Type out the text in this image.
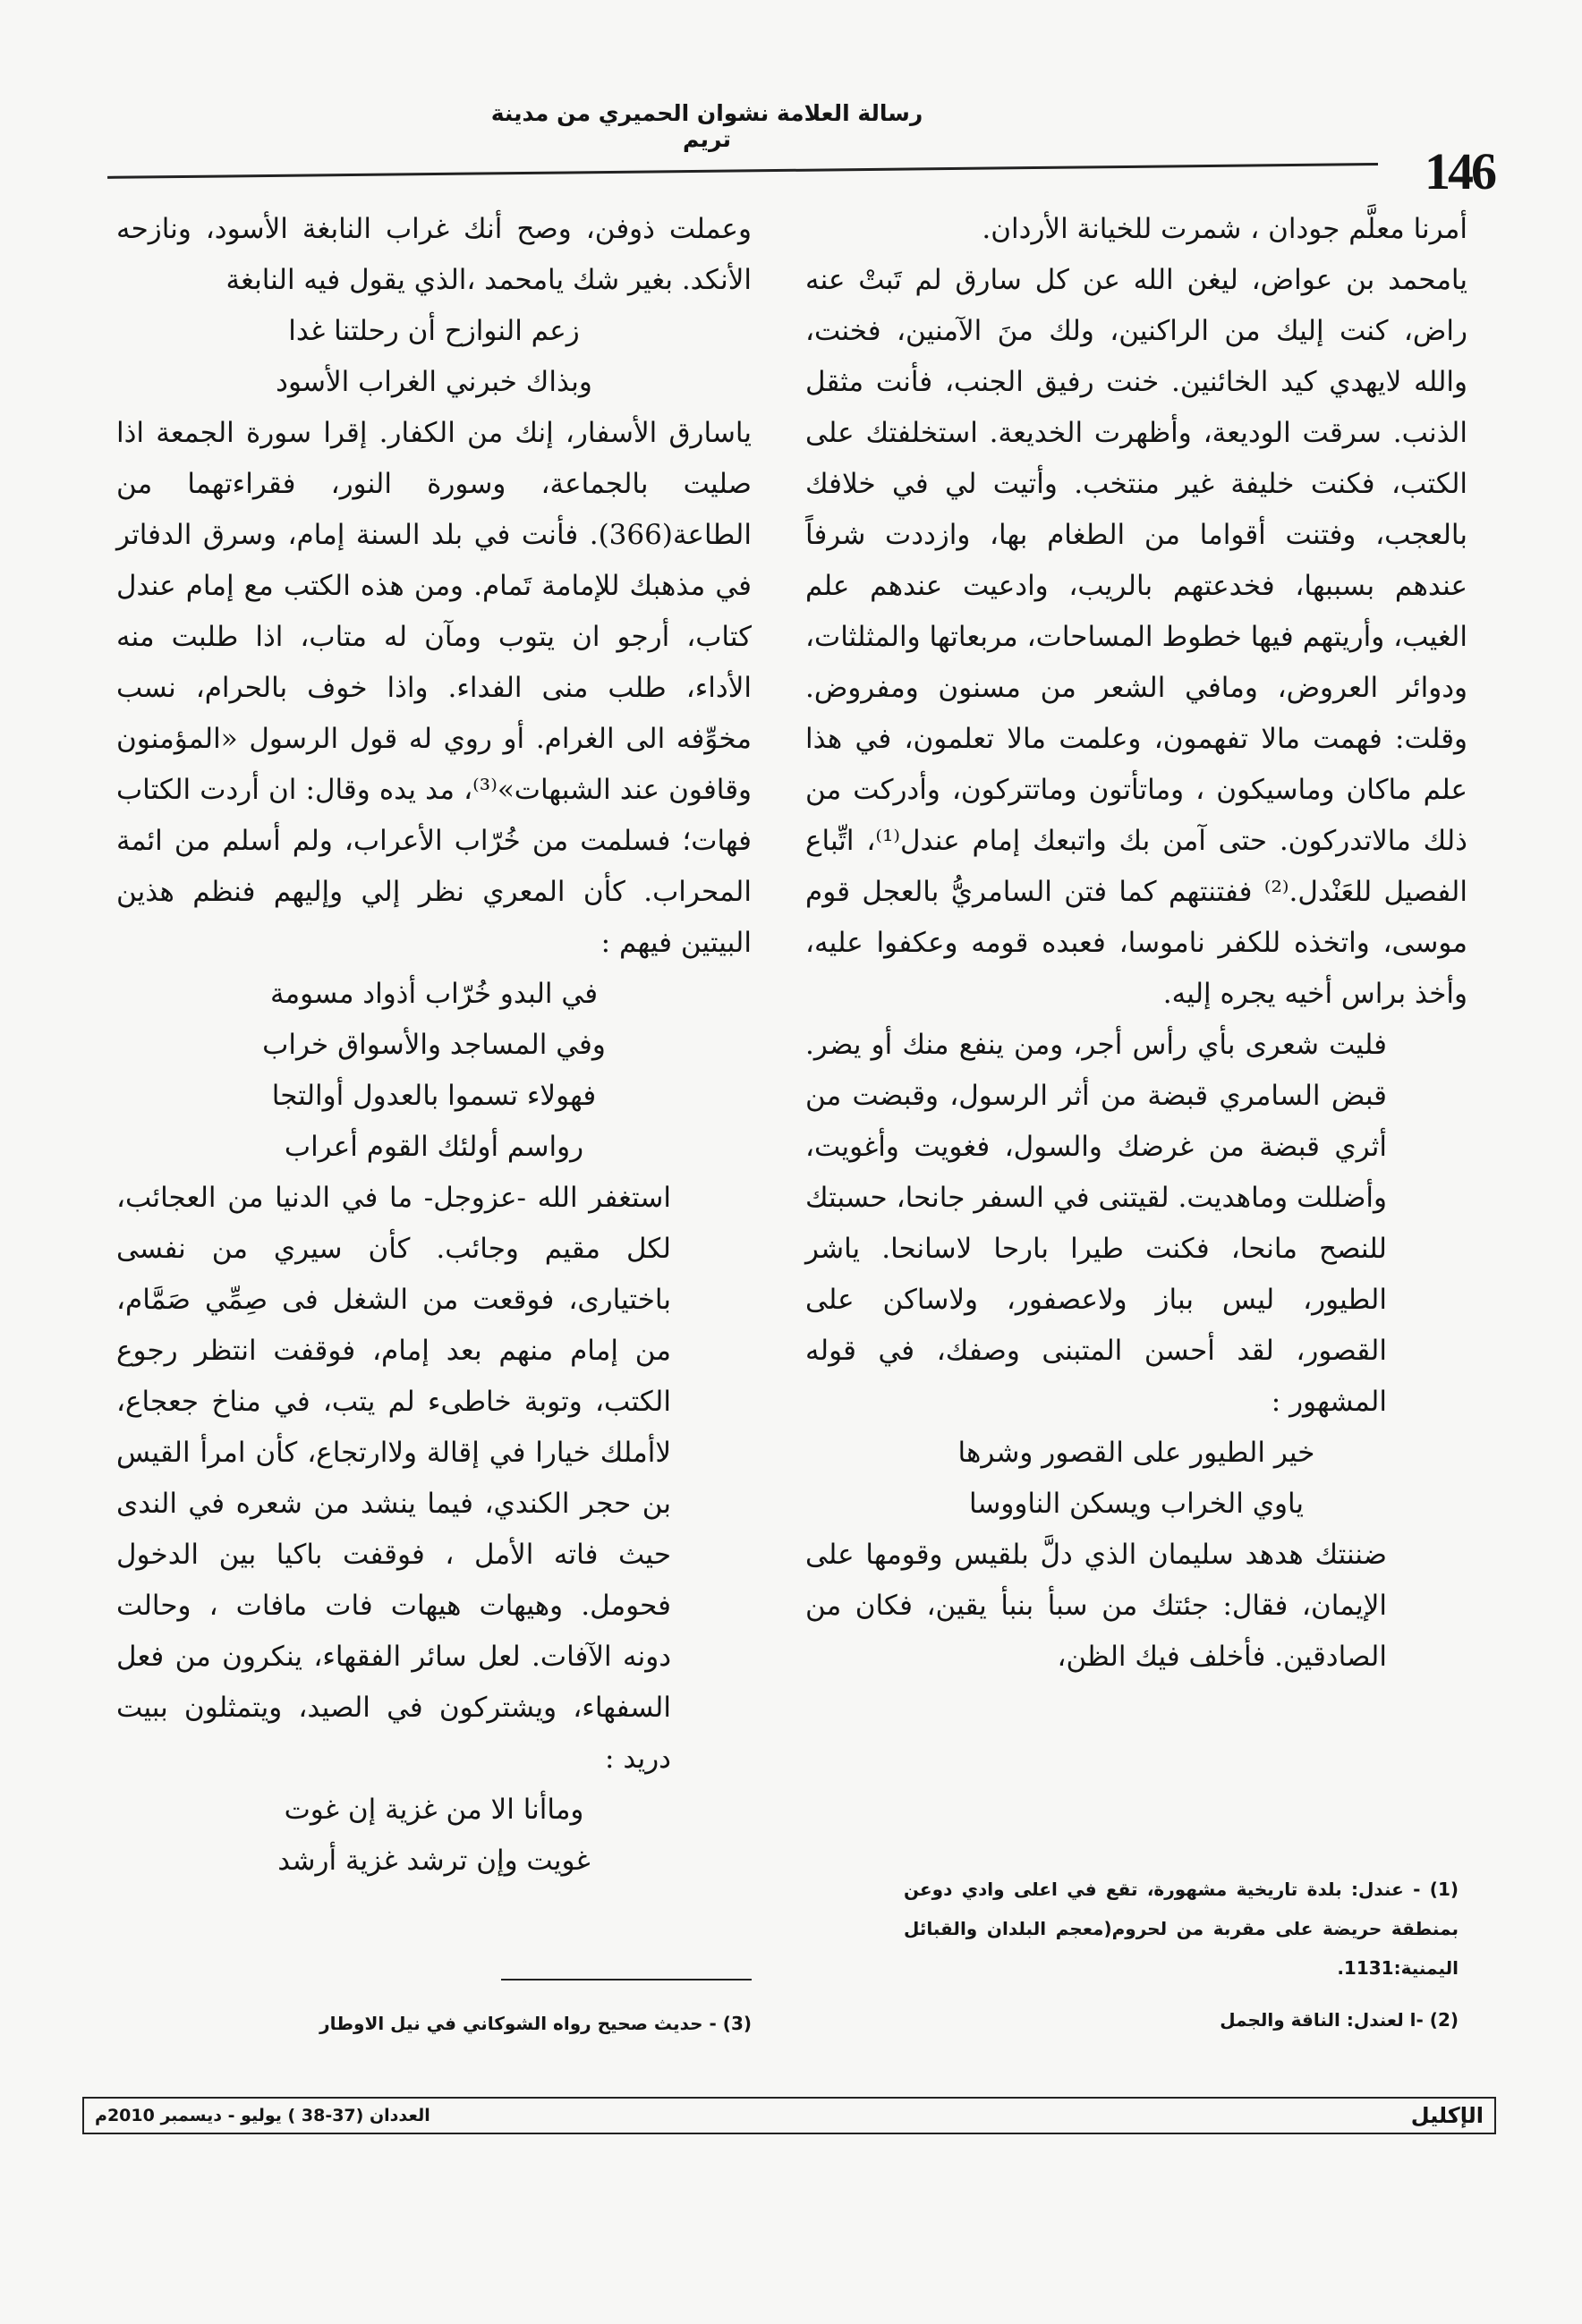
رسالة العلامة نشوان الحميري من مدينة تريم
146

أمرنا معلَّم جودان ، شمرت للخيانة الأردان.

يامحمد بن عواض، ليغن الله عن كل سارق لم تَبتْ عنه راض، كنت إليك من الراكنين، ولك منَ الآمنين، فخنت، والله لايهدي كيد الخائنين. خنت رفيق الجنب، فأنت مثقل الذنب. سرقت الوديعة، وأظهرت الخديعة. استخلفتك على الكتب، فكنت خليفة غير منتخب. وأتيت لي في خلافك بالعجب، وفتنت أقواما من الطغام بها، وازددت شرفاً عندهم بسببها، فخدعتهم بالريب، وادعيت عندهم علم الغيب، وأريتهم فيها خطوط المساحات، مربعاتها والمثلثات، ودوائر العروض، ومافي الشعر من مسنون ومفروض. وقلت: فهمت مالا تفهمون، وعلمت مالا تعلمون، في هذا علم ماكان وماسيكون ، وماتأتون وماتتركون، وأدركت من ذلك مالاتدركون. حتى آمن بك واتبعك إمام عندل⁽¹⁾، اتِّباع الفصيل للعَنْدل.⁽²⁾ ففتنتهم كما فتن السامريُّ بالعجل قوم موسى، واتخذه للكفر ناموسا، فعبده قومه وعكفوا عليه، وأخذ براس أخيه يجره إليه.

فليت شعرى بأي رأس أجر، ومن ينفع منك أو يضر. قبض السامري قبضة من أثر الرسول، وقبضت من أثري قبضة من غرضك والسول، فغويت وأغويت، وأضللت وماهديت. لقيتنى في السفر جانحا، حسبتك للنصح مانحا، فكنت طيرا بارحا لاسانحا. ياشر الطيور، ليس بباز ولاعصفور، ولاساكن على القصور، لقد أحسن المتبنى وصفك، في قوله المشهور :

خير الطيور على القصور وشرها

ياوي الخراب ويسكن الناووسا

ضننتك هدهد سليمان الذي دلَّ بلقيس وقومها على الإيمان، فقال: جئتك من سبأ بنبأ يقين، فكان من الصادقين. فأخلف فيك الظن،

وعملت ذوفن، وصح أنك غراب النابغة الأسود، ونازحه الأنكد. بغير شك يامحمد ،الذي يقول فيه النابغة

زعم النوازح أن رحلتنا غدا

وبذاك خبرني الغراب الأسود

ياسارق الأسفار، إنك من الكفار. إقرا سورة الجمعة اذا صليت بالجماعة، وسورة النور، فقراءتهما من الطاعة(366). فأنت في بلد السنة إمام، وسرق الدفاتر في مذهبك للإمامة تَمام. ومن هذه الكتب مع إمام عندل كتاب، أرجو ان يتوب ومآن له متاب، اذا طلبت منه الأداء، طلب منى الفداء. واذا خوف بالحرام، نسب مخوِّفه الى الغرام. أو روي له قول الرسول «المؤمنون وقافون عند الشبهات»⁽³⁾، مد يده وقال: ان أردت الكتاب فهات؛ فسلمت من خُرّاب الأعراب، ولم أسلم من ائمة المحراب. كأن المعري نظر إلي وإليهم فنظم هذين البيتين فيهم :

في البدو خُرّاب أذواد مسومة

وفي المساجد والأسواق خراب

فهولاء تسموا بالعدول أوالتجا

رواسم أولئك القوم أعراب

استغفر الله -عزوجل- ما في الدنيا من العجائب، لكل مقيم وجائب. كأن سيري من نفسى باختيارى، فوقعت من الشغل فى صِمِّي صَمَّام، من إمام منهم بعد إمام، فوقفت انتظر رجوع الكتب، وتوبة خاطىء لم يتب، في مناخ جعجاع، لاأملك خيارا في إقالة ولاارتجاع، كأن امرأ القيس بن حجر الكندي، فيما ينشد من شعره في الندى حيث فاته الأمل ، فوقفت باكيا بين الدخول فحومل. وهيهات هيهات فات مافات ، وحالت دونه الآفات. لعل سائر الفقهاء، ينكرون من فعل السفهاء، ويشتركون في الصيد، ويتمثلون ببيت دريد :

وماأنا الا من غزية إن غوت

غويت وإن ترشد غزية أرشد

(1) - عندل: بلدة تاريخية مشهورة، تقع في اعلى وادي دوعن بمنطقة حريضة على مقربة من لحروم(معجم البلدان والقبائل اليمنية:1131.
(2) -ا لعندل: الناقة والجمل
(3) - حديث صحيح رواه الشوكاني في نيل الاوطار
العددان (37-38 ) يوليو - ديسمبر 2010م	الإكليل
